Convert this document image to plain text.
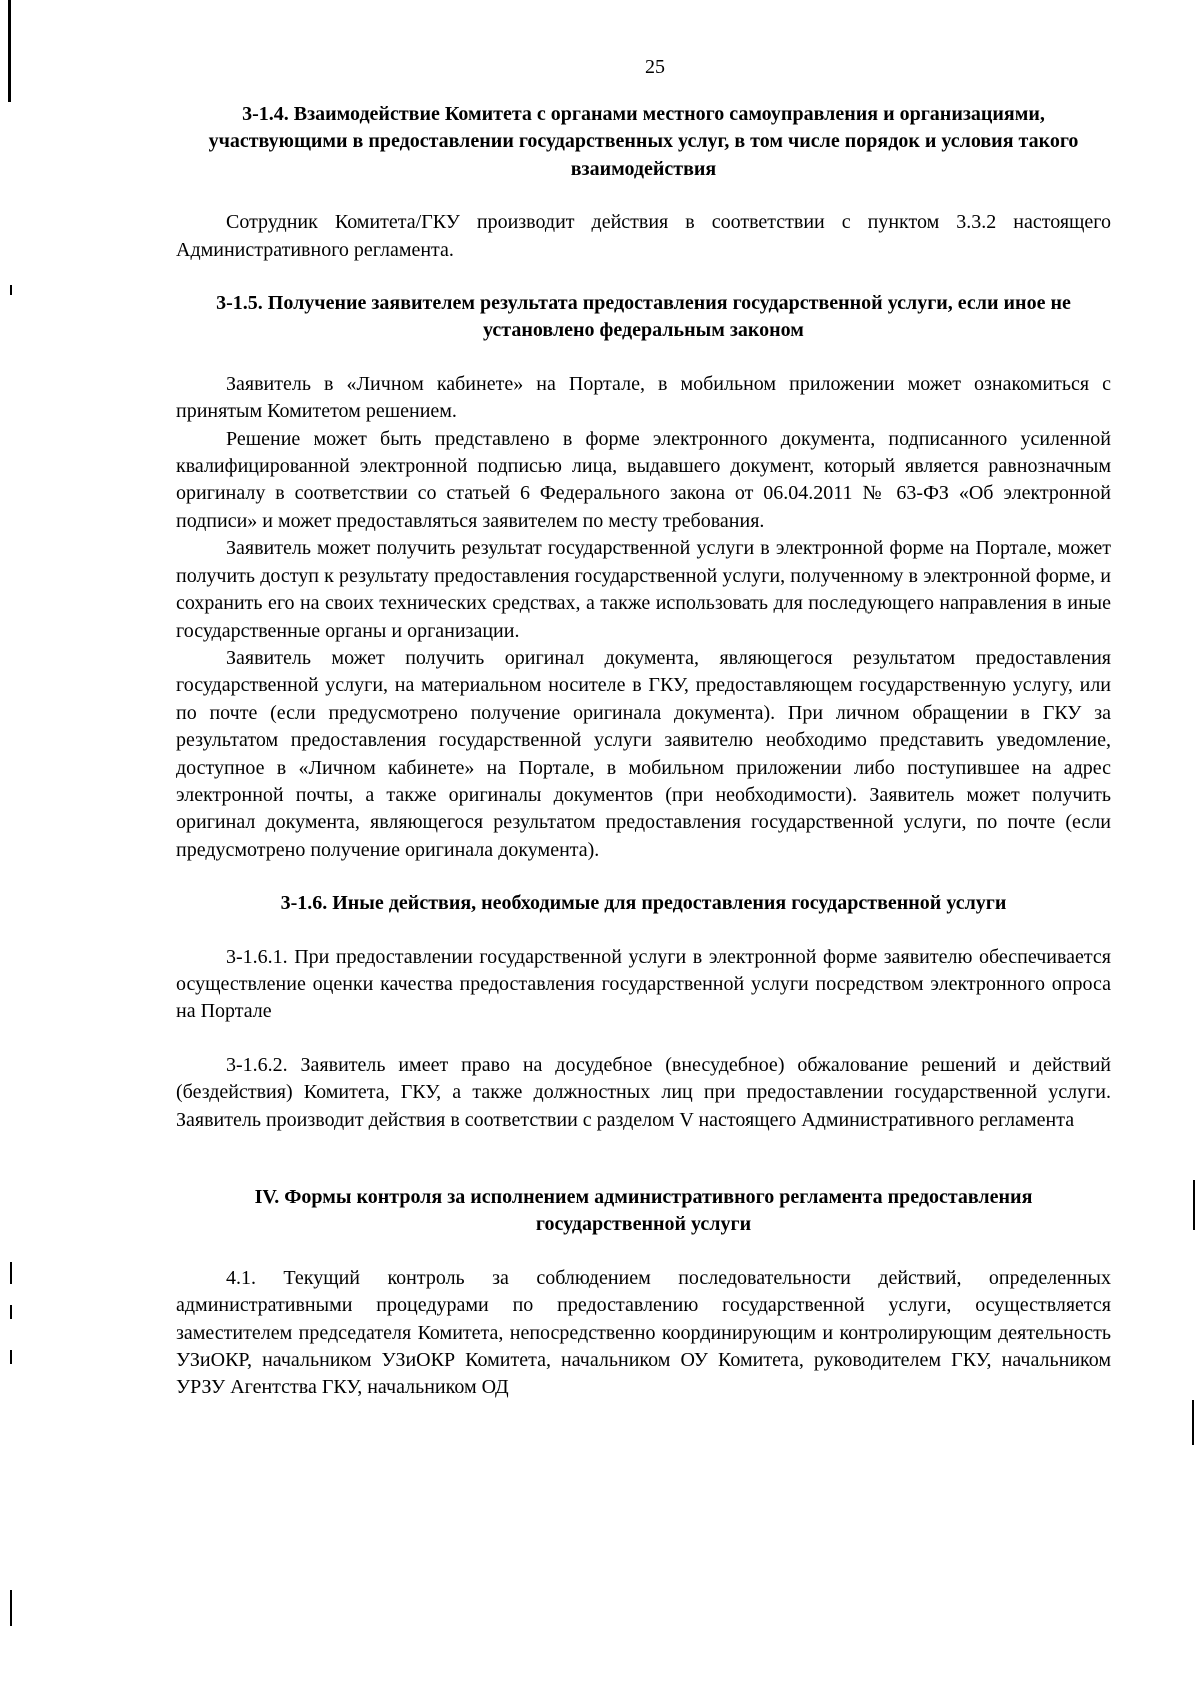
25
3-1.4. Взаимодействие Комитета с органами местного самоуправления и организациями, участвующими в предоставлении государственных услуг, в том числе порядок и условия такого взаимодействия

Сотрудник Комитета/ГКУ производит действия в соответствии с пунктом 3.3.2 настоящего Административного регламента.

3-1.5. Получение заявителем результата предоставления государственной услуги, если иное не установлено федеральным законом

Заявитель в «Личном кабинете» на Портале, в мобильном приложении может ознакомиться с принятым Комитетом решением.

Решение может быть представлено в форме электронного документа, подписанного усиленной квалифицированной электронной подписью лица, выдавшего документ, который является равнозначным оригиналу в соответствии со статьей 6 Федерального закона от 06.04.2011 № 63-ФЗ «Об электронной подписи» и может предоставляться заявителем по месту требования.

Заявитель может получить результат государственной услуги в электронной форме на Портале, может получить доступ к результату предоставления государственной услуги, полученному в электронной форме, и сохранить его на своих технических средствах, а также использовать для последующего направления в иные государственные органы и организации.

Заявитель может получить оригинал документа, являющегося результатом предоставления государственной услуги, на материальном носителе в ГКУ, предоставляющем государственную услугу, или по почте (если предусмотрено получение оригинала документа). При личном обращении в ГКУ за результатом предоставления государственной услуги заявителю необходимо представить уведомление, доступное в «Личном кабинете» на Портале, в мобильном приложении либо поступившее на адрес электронной почты, а также оригиналы документов (при необходимости). Заявитель может получить оригинал документа, являющегося результатом предоставления государственной услуги, по почте (если предусмотрено получение оригинала документа).

3-1.6. Иные действия, необходимые для предоставления государственной услуги

3-1.6.1. При предоставлении государственной услуги в электронной форме заявителю обеспечивается осуществление оценки качества предоставления государственной услуги посредством электронного опроса на Портале

3-1.6.2. Заявитель имеет право на досудебное (внесудебное) обжалование решений и действий (бездействия) Комитета, ГКУ, а также должностных лиц при предоставлении государственной услуги. Заявитель производит действия в соответствии с разделом V настоящего Административного регламента

IV. Формы контроля за исполнением административного регламента предоставления государственной услуги

4.1. Текущий контроль за соблюдением последовательности действий, определенных административными процедурами по предоставлению государственной услуги, осуществляется заместителем председателя Комитета, непосредственно координирующим и контролирующим деятельность УЗиОКР, начальником УЗиОКР Комитета, начальником ОУ Комитета, руководителем ГКУ, начальником УРЗУ Агентства ГКУ, начальником ОД
